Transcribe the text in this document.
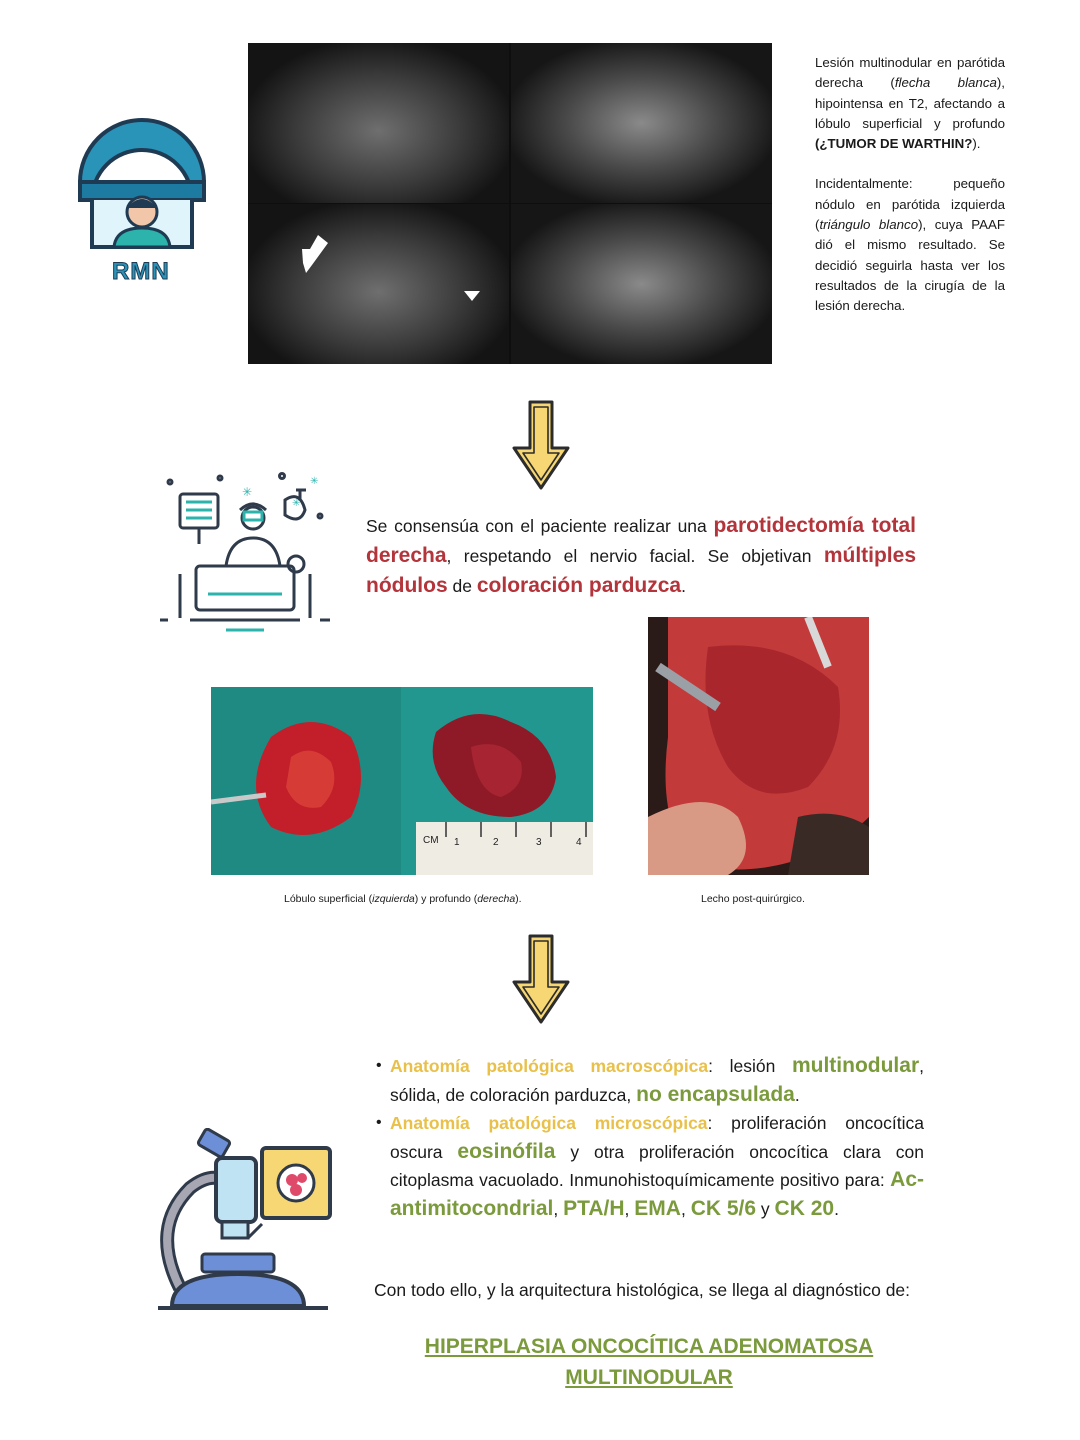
RMN

Lesión multinodular en parótida derecha (flecha blanca), hipointensa en T2, afectando a lóbulo superficial y profundo (¿TUMOR DE WARTHIN?).

Incidentalmente: pequeño nódulo en parótida izquierda (triángulo blanco), cuya PAAF dió el mismo resultado. Se decidió seguirla hasta ver los resultados de la cirugía de la lesión derecha.

✳
✳
✳
Se consensúa con el paciente realizar una parotidectomía total derecha, respetando el nervio facial. Se objetivan múltiples nódulos de coloración parduzca.
CM 1	2	3	4
Lóbulo superficial (izquierda) y profundo (derecha).	Lecho post-quirúrgico.
• Anatomía patológica macroscópica: lesión multinodular, sólida, de coloración parduzca, no encapsulada.
• Anatomía patológica microscópica: proliferación oncocítica oscura eosinófila y otra proliferación oncocítica clara con citoplasma vacuolado. Inmunohistoquímicamente positivo para: Ac-antimitocondrial, PTA/H, EMA, CK 5/6 y CK 20.
Con todo ello, y la arquitectura histológica, se llega al diagnóstico de:
HIPERPLASIA ONCOCÍTICA ADENOMATOSA
MULTINODULAR
